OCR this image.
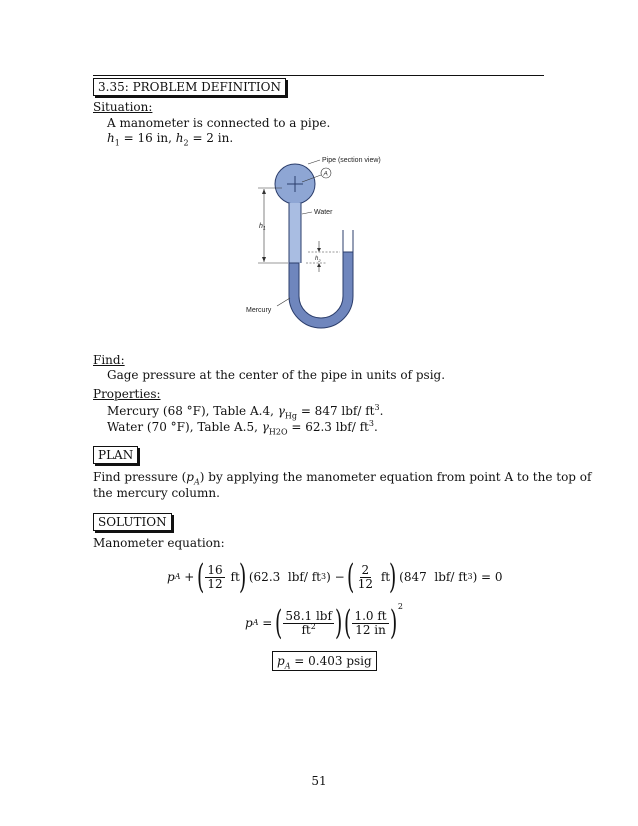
3.35: PROBLEM DEFINITION
Situation:
A manometer is connected to a pipe.
$h_1 = 16$ in, $h_2 = 2$ in.
$h_1$
$h_2$
Pipe (section view)
A
Water
Mercury
Find:
Gage pressure at the center of the pipe in units of psig.
Properties:
Mercury (68 °F), Table A.4, $\gamma_{Hg} = 847$ lbf/ $ft^3$.
Water (70 °F), Table A.5, $\gamma_{H2O} = 62.3$ lbf/ $ft^3$.
PLAN
Find pressure $(p_A)$ by applying the manometer equation from point A to the top of
the mercury column.
SOLUTION
Manometer equation:
p A +
( $\frac{16}{12}$ ft
)
(62.3  lbf/ ft 3 ) −
( $\frac{2}{12}$ ft
)
(847  lbf/ ft 3 ) = 0
p A =
( $\frac{\text{58.1 lbf}}{ft^2}$ ) ( $\frac{1.0 ft}{12 in}$ ) 2
$p_A = 0.403$ psig
51
